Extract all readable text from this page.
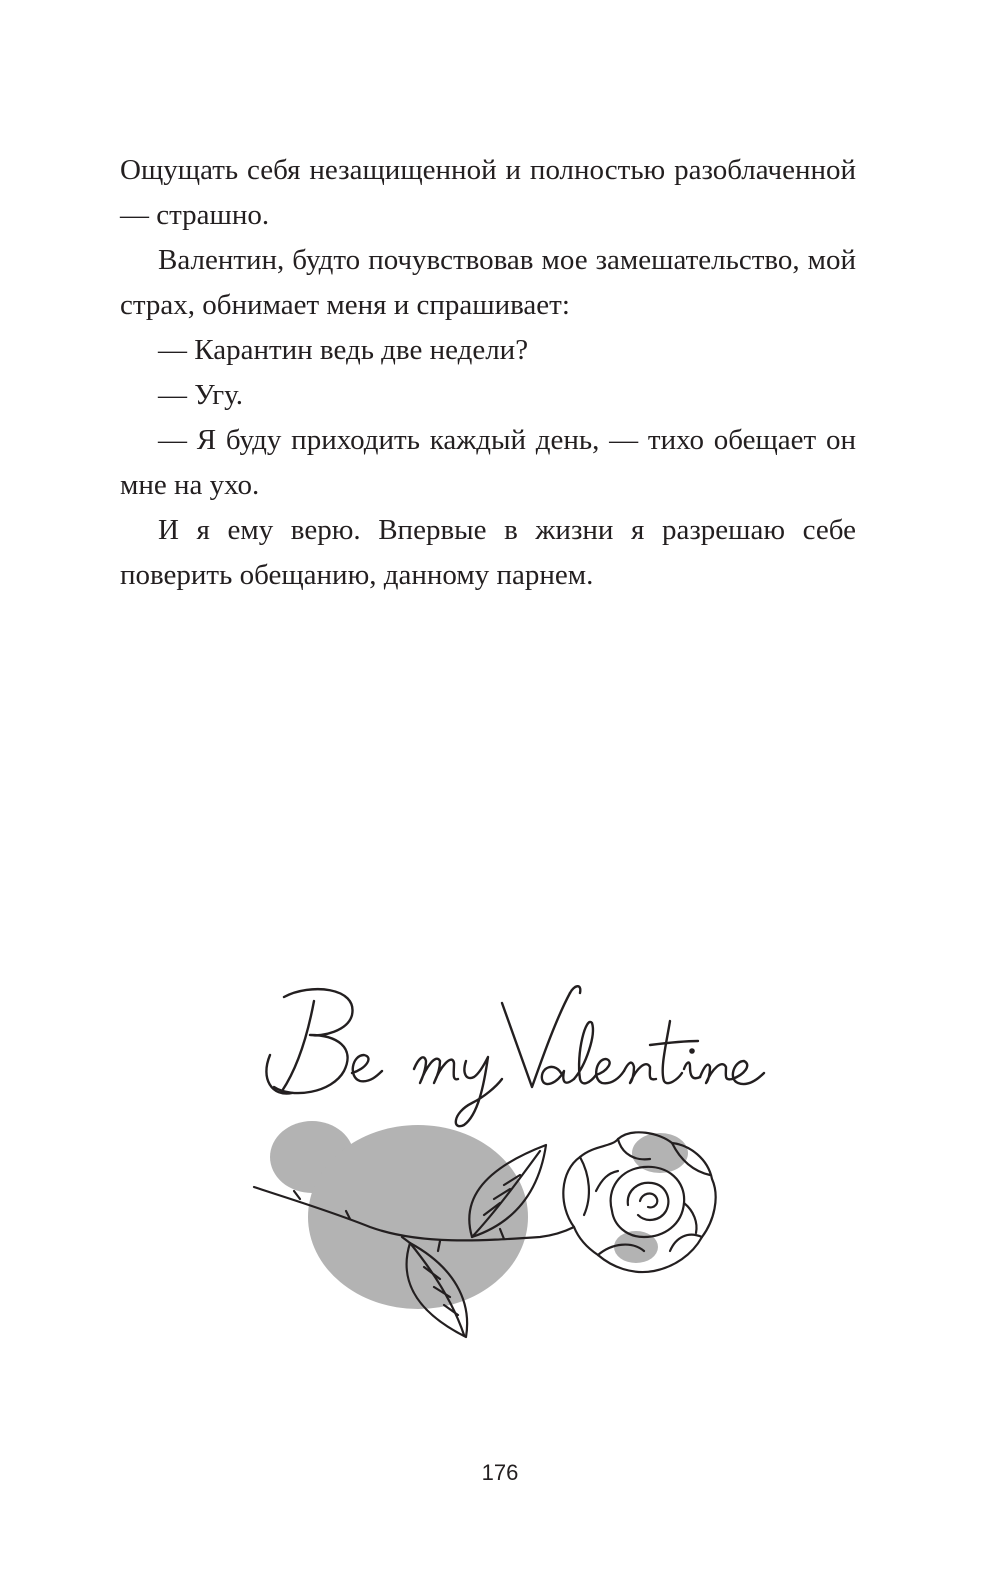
Ощущать себя незащищенной и полностью разоблаченной — страшно.

Валентин, будто почувствовав мое замешательство, мой страх, обнимает меня и спрашивает:

— Карантин ведь две недели?

— Угу.

— Я буду приходить каждый день, — тихо обещает он мне на ухо.

И я ему верю. Впервые в жизни я разрешаю себе поверить обещанию, данному парнем.

176
